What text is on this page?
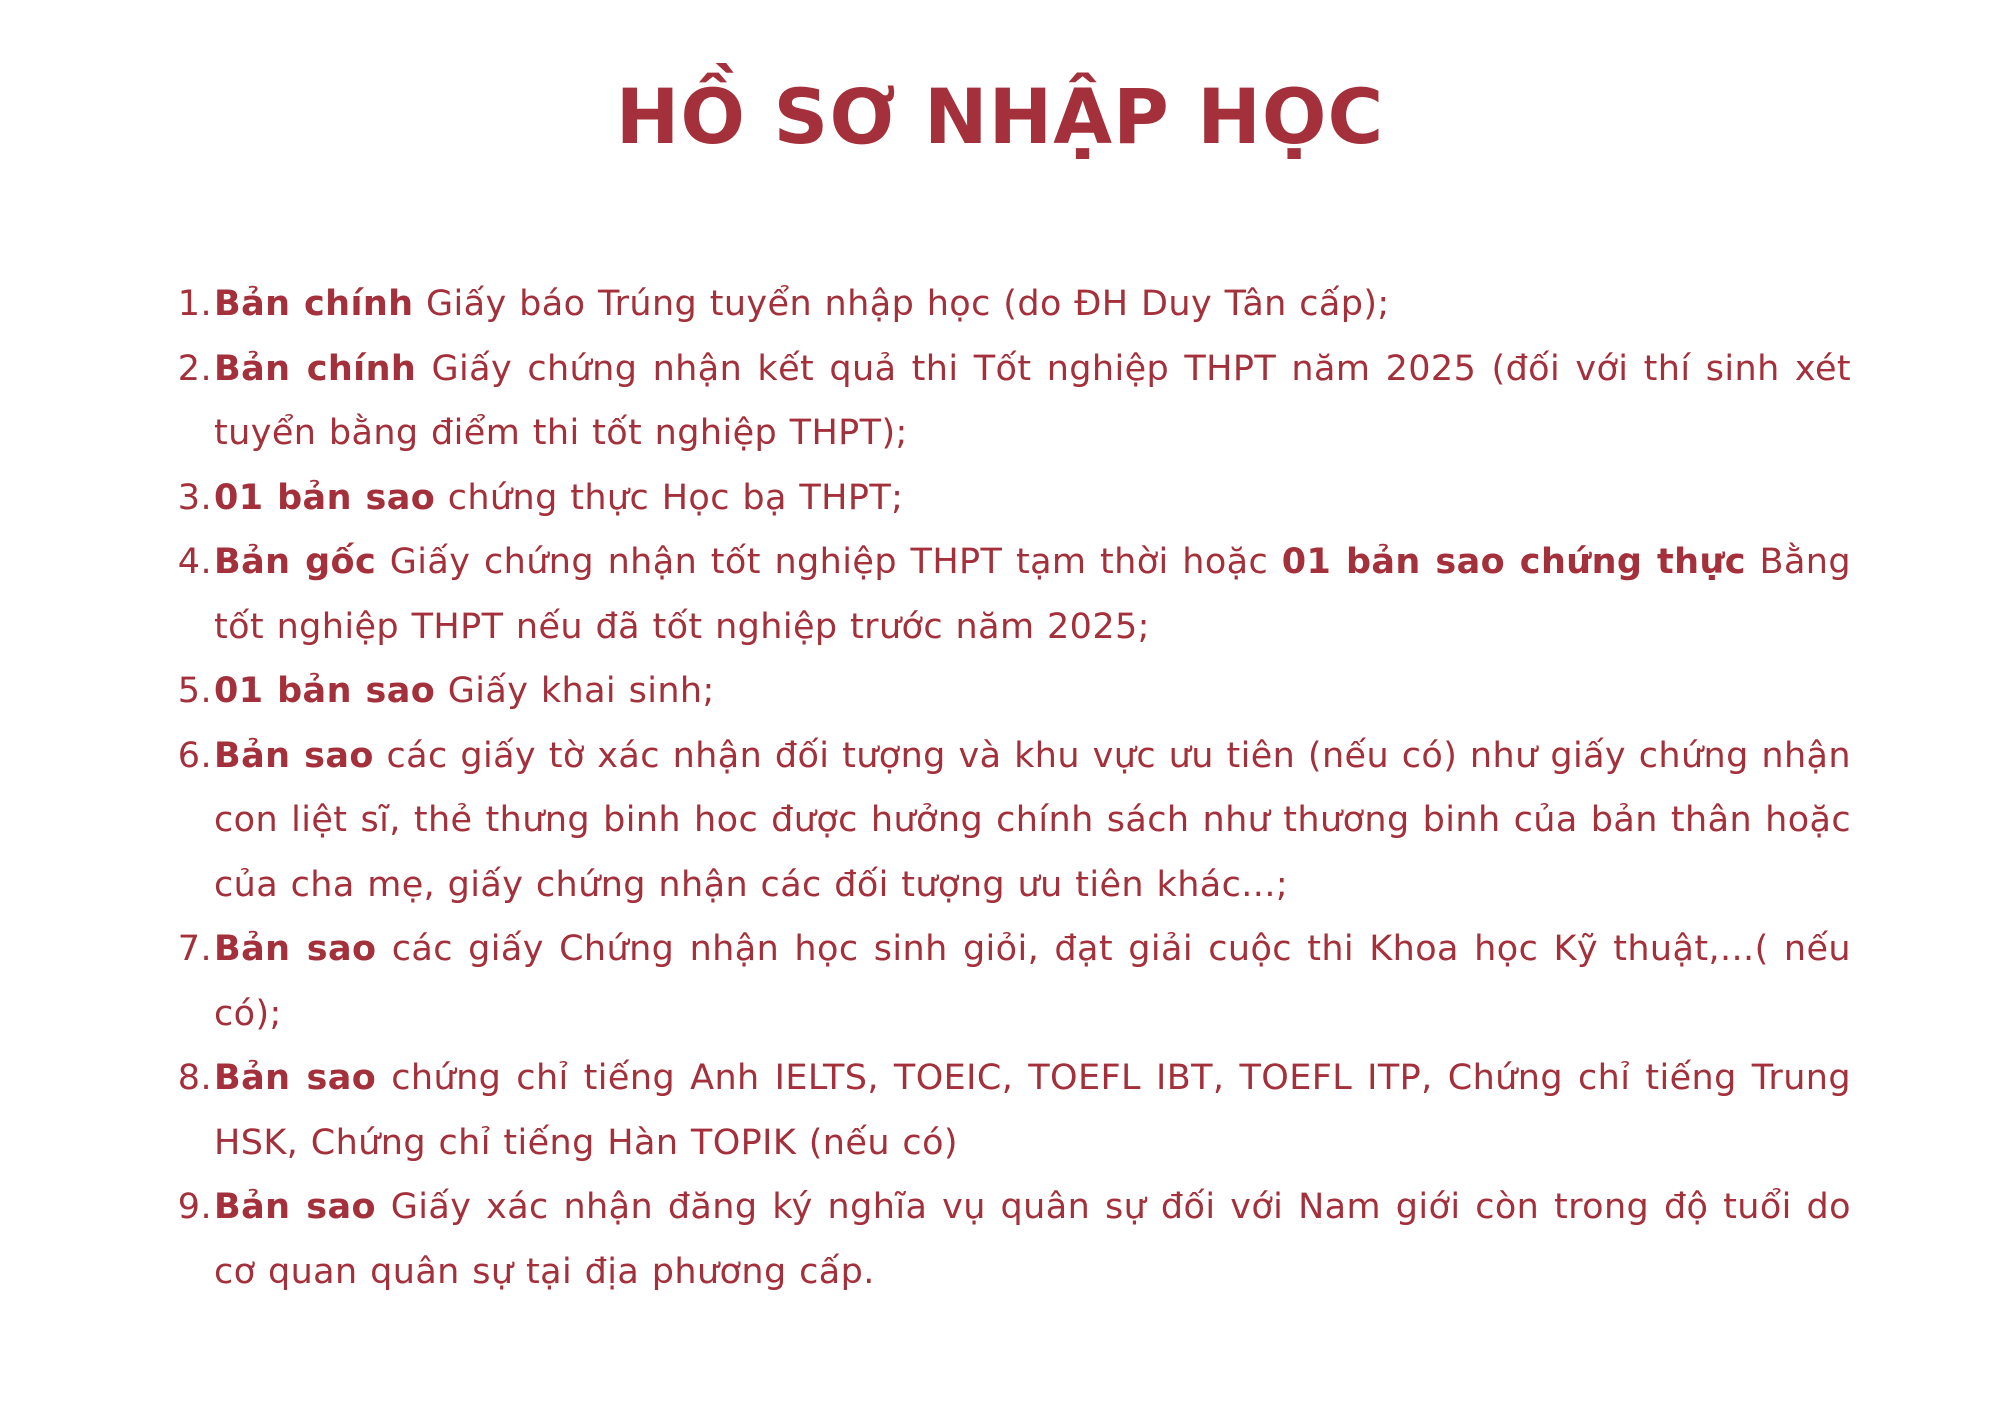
HỒ SƠ NHẬP HỌC
1. Bản chính Giấy báo Trúng tuyển nhập học (do ĐH Duy Tân cấp);
2. Bản chính Giấy chứng nhận kết quả thi Tốt nghiệp THPT năm 2025 (đối với thí sinh xét tuyển bằng điểm thi tốt nghiệp THPT);
3. 01 bản sao chứng thực Học bạ THPT;
4. Bản gốc Giấy chứng nhận tốt nghiệp THPT tạm thời hoặc 01 bản sao chứng thực Bằng tốt nghiệp THPT nếu đã tốt nghiệp trước năm 2025;
5. 01 bản sao Giấy khai sinh;
6. Bản sao các giấy tờ xác nhận đối tượng và khu vực ưu tiên (nếu có) như giấy chứng nhận con liệt sĩ, thẻ thưng binh hoc được hưởng chính sách như thương binh của bản thân hoặc của cha mẹ, giấy chứng nhận các đối tượng ưu tiên khác...;
7. Bản sao các giấy Chứng nhận học sinh giỏi, đạt giải cuộc thi Khoa học Kỹ thuật,...( nếu có);
8. Bản sao chứng chỉ tiếng Anh IELTS, TOEIC, TOEFL IBT, TOEFL ITP, Chứng chỉ tiếng Trung HSK, Chứng chỉ tiếng Hàn TOPIK (nếu có)
9. Bản sao Giấy xác nhận đăng ký nghĩa vụ quân sự đối với Nam giới còn trong độ tuổi do cơ quan quân sự tại địa phương cấp.
